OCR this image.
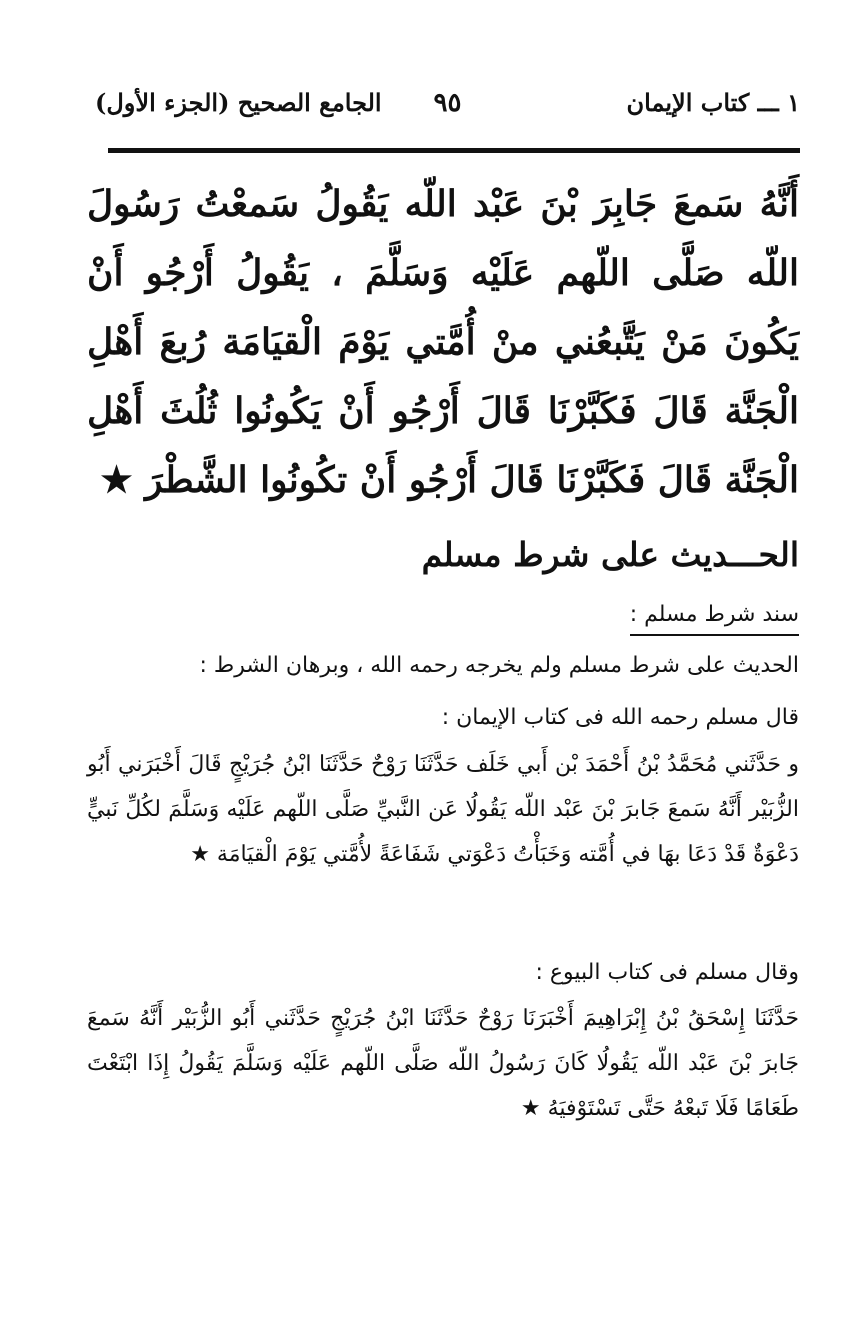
١ ـــ كتاب الإيمان
٩٥
الجامع الصحيح (الجزء الأول)
أَنَّهُ سَمعَ جَابِرَ بْنَ عَبْد اللّه يَقُولُ سَمعْتُ رَسُولَ اللّه صَلَّى اللّهم عَلَيْه وَسَلَّمَ ، يَقُولُ أَرْجُو أَنْ يَكُونَ مَنْ يَتَّبعُني منْ أُمَّتي يَوْمَ الْقيَامَة رُبعَ أَهْلِ الْجَنَّة قَالَ فَكَبَّرْنَا قَالَ أَرْجُو أَنْ يَكُونُوا ثُلُثَ أَهْلِ الْجَنَّة قَالَ فَكَبَّرْنَا قَالَ أَرْجُو أَنْ تكُونُوا الشَّطْرَ ★
الحـــديث على شرط مسلم
سند شرط مسلم :
الحديث على شرط مسلم ولم يخرجه رحمه الله ، وبرهان الشرط :
قال مسلم رحمه الله فى كتاب الإيمان :
و حَدَّثَني مُحَمَّدُ بْنُ أَحْمَدَ بْن أَبي خَلَف حَدَّثَنَا رَوْحٌ حَدَّثَنَا ابْنُ جُرَيْجٍ قَالَ أَخْبَرَني أَبُو الزُّبَيْر أَنَّهُ سَمعَ جَابرَ بْنَ عَبْد اللّه يَقُولُا عَن النَّبيِّ صَلَّى اللّهم عَلَيْه وَسَلَّمَ لكُلِّ نَبيٍّ دَعْوَةٌ قَدْ دَعَا بهَا في أُمَّته وَخَبَأْتُ دَعْوَتي شَفَاعَةً لأُمَّتي يَوْمَ الْقيَامَة ★
وقال مسلم فى كتاب البيوع :
حَدَّثَنَا إِسْحَقُ بْنُ إِبْرَاهِيمَ أَخْبَرَنَا رَوْحٌ حَدَّثَنَا ابْنُ جُرَيْجٍ حَدَّثَني أَبُو الزُّبَيْر أَنَّهُ سَمعَ جَابرَ بْنَ عَبْد اللّه يَقُولُا كَانَ رَسُولُ اللّه صَلَّى اللّهم عَلَيْه وَسَلَّمَ يَقُولُ إِذَا ابْتَعْتَ طَعَامًا فَلَا تَبعْهُ حَتَّى تَسْتَوْفيَهُ ★
